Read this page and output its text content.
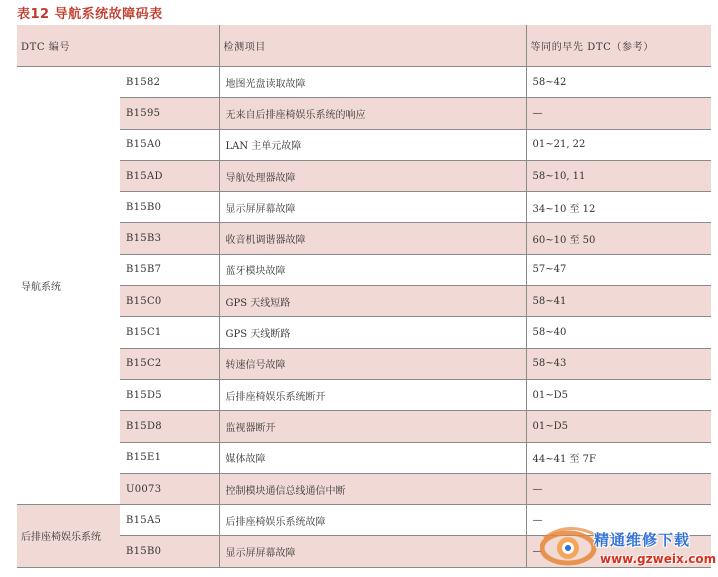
表12 导航系统故障码表
DTC 编号		检测项目	等同的早先 DTC（参考）
导航系统	B1582	地图光盘读取故障	58~42
	B1595	无来自后排座椅娱乐系统的响应	—
	B15A0	LAN 主单元故障	01~21, 22
	B15AD	导航处理器故障	58~10, 11
	B15B0	显示屏屏幕故障	34~10 至 12
	B15B3	收音机调谐器故障	60~10 至 50
	B15B7	蓝牙模块故障	57~47
	B15C0	GPS 天线短路	58~41
	B15C1	GPS 天线断路	58~40
	B15C2	转速信号故障	58~43
	B15D5	后排座椅娱乐系统断开	01~D5
	B15D8	监视器断开	01~D5
	B15E1	媒体故障	44~41 至 7F
	U0073	控制模块通信总线通信中断	—
后排座椅娱乐系统	B15A5	后排座椅娱乐系统故障	—
	B15B0	显示屏屏幕故障	—
精通维修下载
www.gzweix.com
